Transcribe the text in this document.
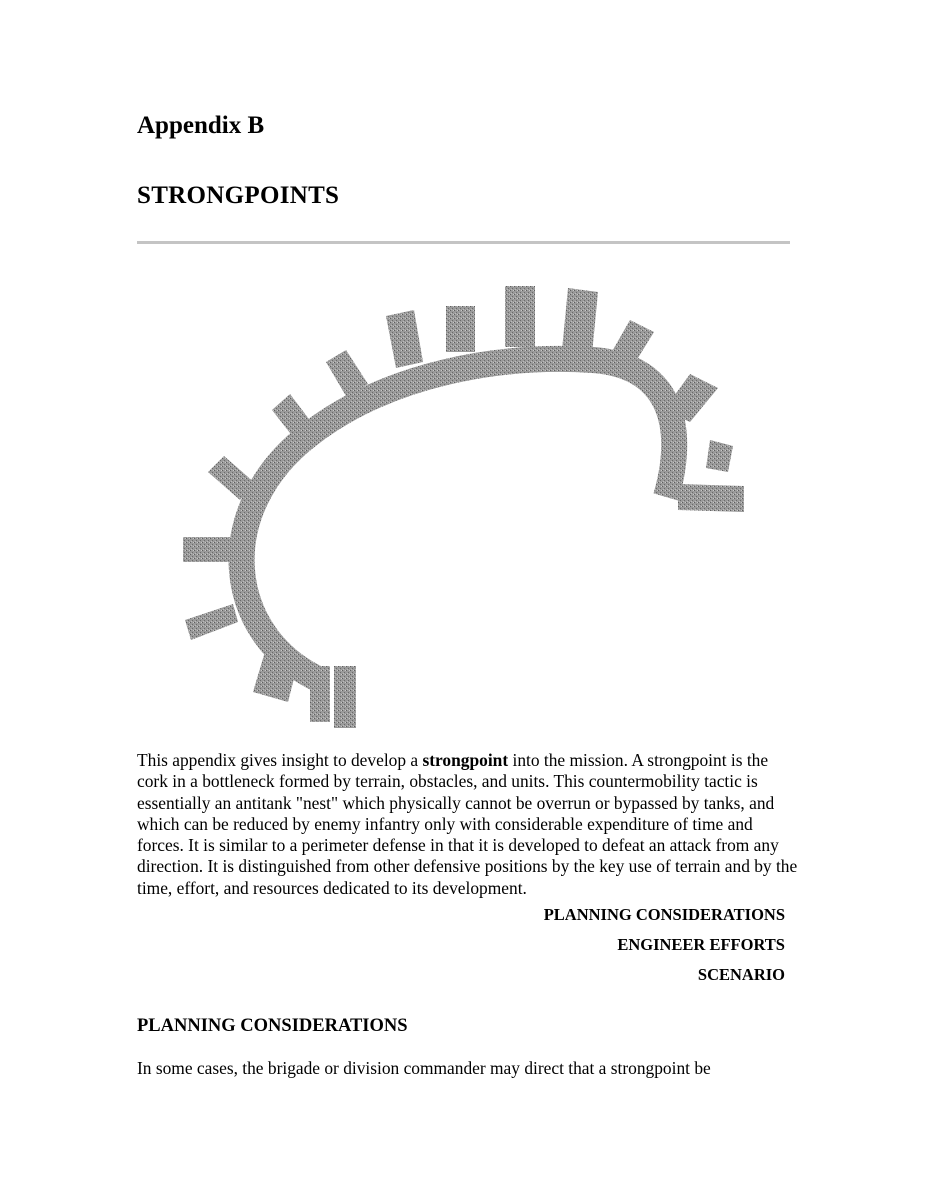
Appendix B
STRONGPOINTS

This appendix gives insight to develop a strongpoint into the mission. A strongpoint is the cork in a bottleneck formed by terrain, obstacles, and units. This countermobility tactic is essentially an antitank "nest" which physically cannot be overrun or bypassed by tanks, and which can be reduced by enemy infantry only with considerable expenditure of time and forces. It is similar to a perimeter defense in that it is developed to defeat an attack from any direction. It is distinguished from other defensive positions by the key use of terrain and by the time, effort, and resources dedicated to its development.

PLANNING CONSIDERATIONS
ENGINEER EFFORTS
SCENARIO
PLANNING CONSIDERATIONS

In some cases, the brigade or division commander may direct that a strongpoint be
